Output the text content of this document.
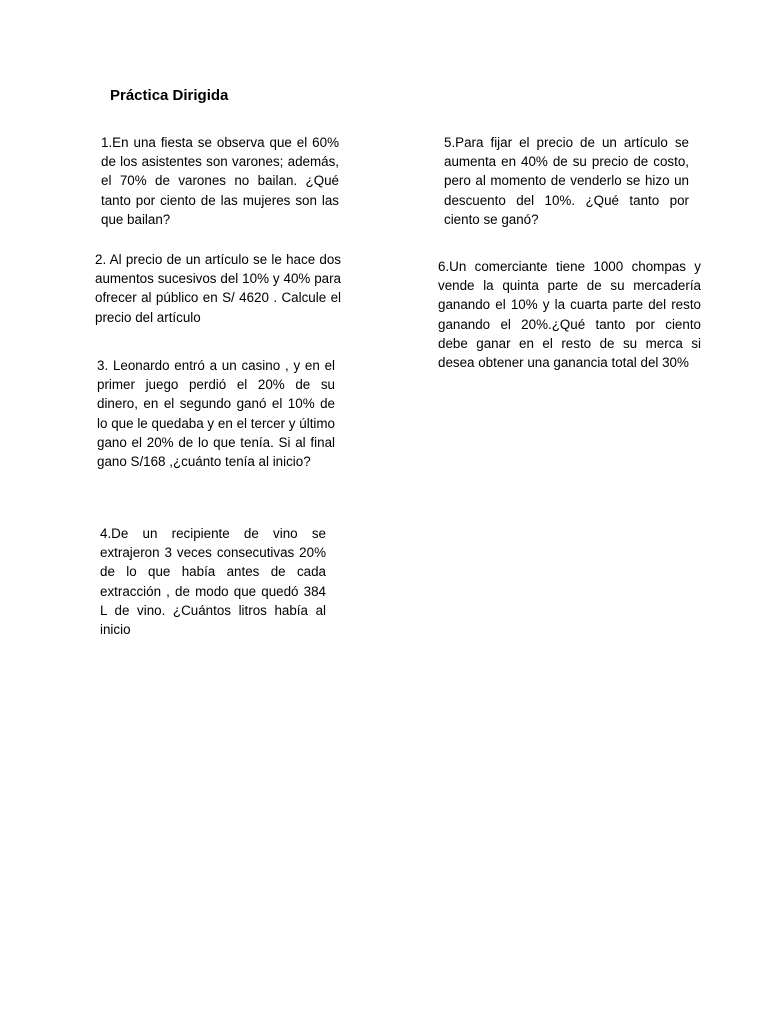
Práctica Dirigida

1.En una fiesta se observa que el 60% de los asistentes son varones; además, el 70% de varones no bailan. ¿Qué tanto por ciento de las mujeres son las que bailan?

2. Al precio de un artículo se le hace dos aumentos sucesivos del 10% y 40% para ofrecer al público en S/ 4620 . Calcule el precio del artículo

3. Leonardo entró a un casino , y en el primer juego perdió el 20% de su dinero, en el segundo ganó el 10% de lo que le quedaba y en el tercer y último gano el 20% de lo que tenía. Si al final gano S/168 ,¿cuánto tenía al inicio?

4.De un recipiente de vino se extrajeron 3 veces consecutivas 20% de lo que había antes de cada extracción , de modo que quedó 384 L de vino. ¿Cuántos litros había al inicio

5.Para fijar el precio de un artículo se aumenta en 40% de su precio de costo, pero al momento de venderlo se hizo un descuento del 10%. ¿Qué tanto por ciento se ganó?

6.Un comerciante tiene 1000 chompas y vende la quinta parte de su mercadería ganando el 10% y la cuarta parte del resto ganando el 20%.¿Qué tanto por ciento debe ganar en el resto de su merca si desea obtener una ganancia total del 30%
